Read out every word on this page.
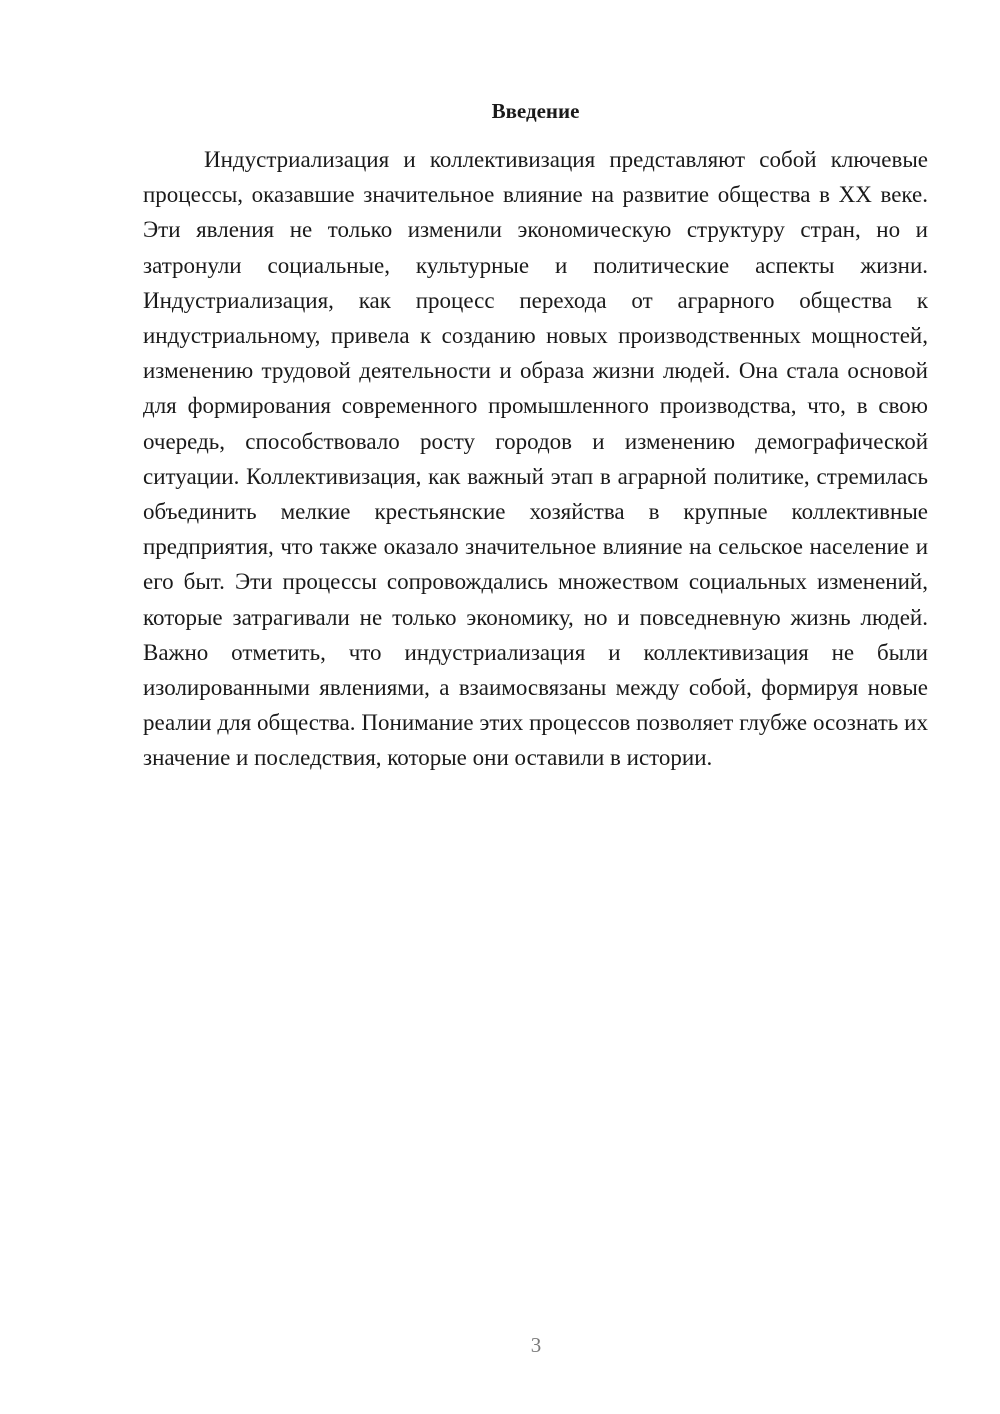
Введение

Индустриализация и коллективизация представляют собой ключевые процессы, оказавшие значительное влияние на развитие общества в XX веке. Эти явления не только изменили экономическую структуру стран, но и затронули социальные, культурные и политические аспекты жизни. Индустриализация, как процесс перехода от аграрного общества к индустриальному, привела к созданию новых производственных мощностей, изменению трудовой деятельности и образа жизни людей. Она стала основой для формирования современного промышленного производства, что, в свою очередь, способствовало росту городов и изменению демографической ситуации. Коллективизация, как важный этап в аграрной политике, стремилась объединить мелкие крестьянские хозяйства в крупные коллективные предприятия, что также оказало значительное влияние на сельское население и его быт. Эти процессы сопровождались множеством социальных изменений, которые затрагивали не только экономику, но и повседневную жизнь людей. Важно отметить, что индустриализация и коллективизация не были изолированными явлениями, а взаимосвязаны между собой, формируя новые реалии для общества. Понимание этих процессов позволяет глубже осознать их значение и последствия, которые они оставили в истории.

3
